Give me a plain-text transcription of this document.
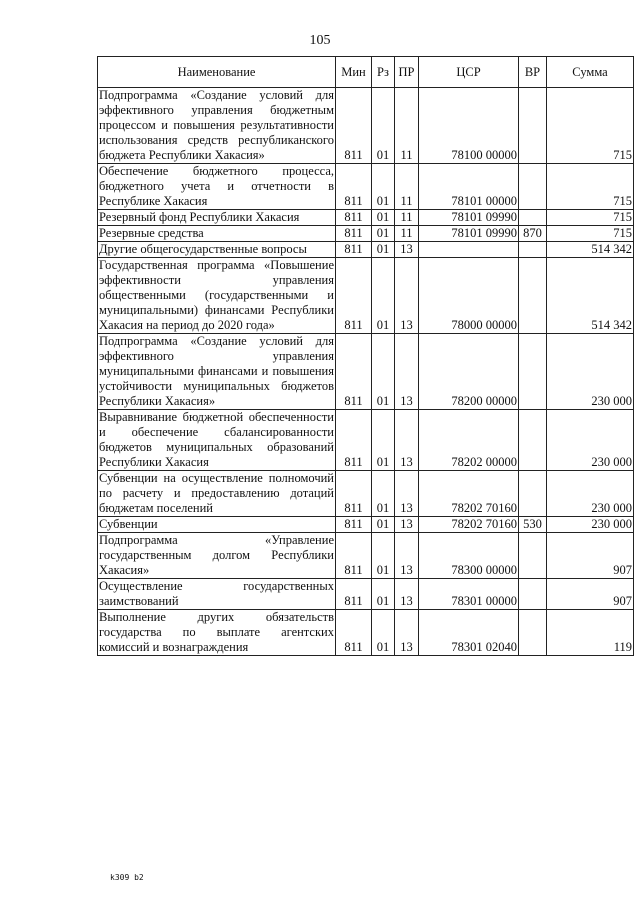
105
Наименование	Мин	Рз	ПР	ЦСР	ВР	Сумма
Подпрограмма «Создание условий для эффективного управления бюджетным процессом и повышения результативности использования средств республиканского бюджета Республики Хакасия»	811	01	11	78100 00000		715
Обеспечение бюджетного процесса, бюджетного учета и отчетности в Республике Хакасия	811	01	11	78101 00000		715
Резервный фонд Республики Хакасия	811	01	11	78101 09990		715
Резервные средства	811	01	11	78101 09990	870	715
Другие общегосударственные вопросы	811	01	13			514 342
Государственная программа «Повышение эффективности управления общественными (государственными и муниципальными) финансами Республики Хакасия на период до 2020 года»	811	01	13	78000 00000		514 342
Подпрограмма «Создание условий для эффективного управления муниципальными финансами и повышения устойчивости муниципальных бюджетов Республики Хакасия»	811	01	13	78200 00000		230 000
Выравнивание бюджетной обеспеченности и обеспечение сбалансированности бюджетов муниципальных образований Республики Хакасия	811	01	13	78202 00000		230 000
Субвенции на осуществление полномочий по расчету и предоставлению дотаций бюджетам поселений	811	01	13	78202 70160		230 000
Субвенции	811	01	13	78202 70160	530	230 000
Подпрограмма «Управление государственным долгом Республики Хакасия»	811	01	13	78300 00000		907
Осуществление государственных заимствований	811	01	13	78301 00000		907
Выполнение других обязательств государства по выплате агентских комиссий и вознаграждения	811	01	13	78301 02040		119
k309 b2
